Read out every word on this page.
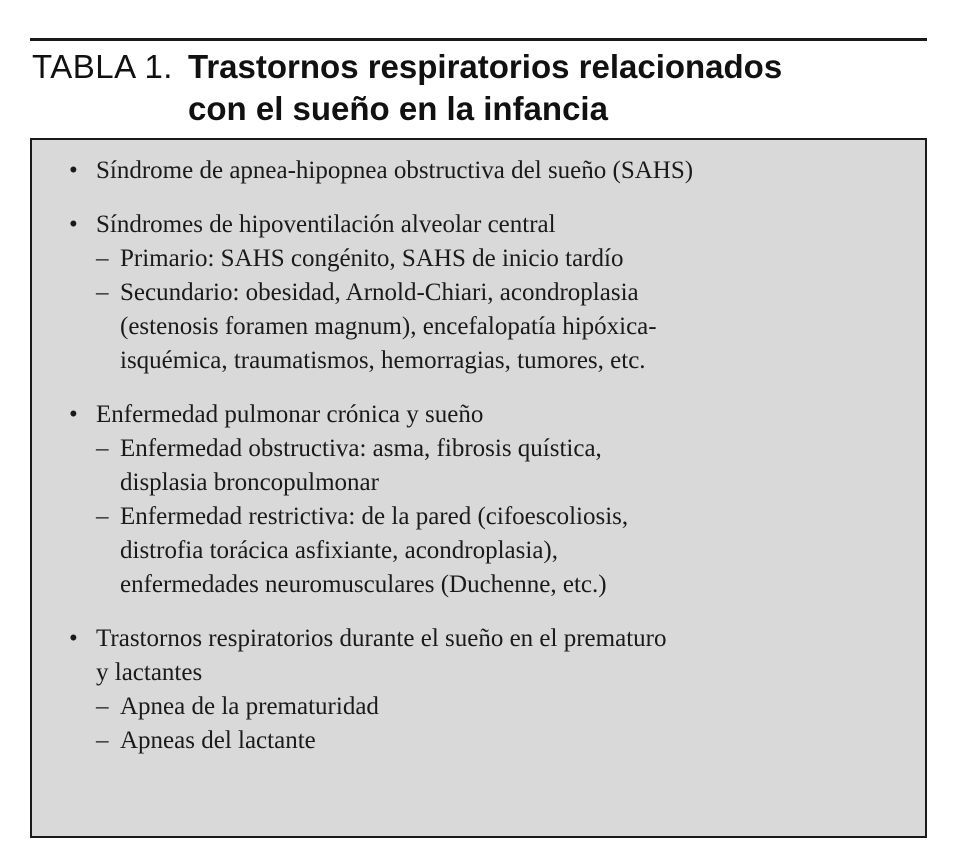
TABLA 1. Trastornos respiratorios relacionados
con el sueño en la infancia
• Síndrome de apnea-hipopnea obstructiva del sueño (SAHS)
• Síndromes de hipoventilación alveolar central
– Primario: SAHS congénito, SAHS de inicio tardío
– Secundario: obesidad, Arnold-Chiari, acondroplasia
(estenosis foramen magnum), encefalopatía hipóxica-
isquémica, traumatismos, hemorragias, tumores, etc.
• Enfermedad pulmonar crónica y sueño
– Enfermedad obstructiva: asma, fibrosis quística,
displasia broncopulmonar
– Enfermedad restrictiva: de la pared (cifoescoliosis,
distrofia torácica asfixiante, acondroplasia),
enfermedades neuromusculares (Duchenne, etc.)
• Trastornos respiratorios durante el sueño en el prematuro
y lactantes
– Apnea de la prematuridad
– Apneas del lactante
